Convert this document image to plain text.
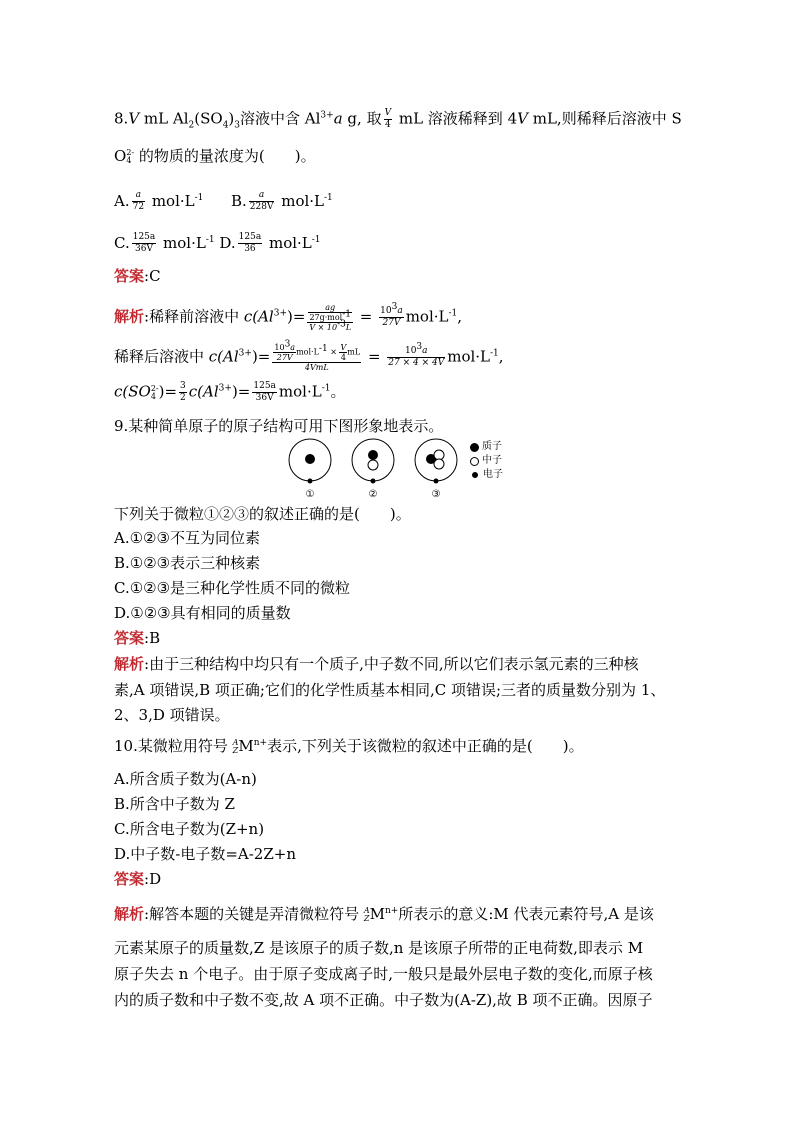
8.V mL $Al_2(SO_4)_3$溶液中含 $Al^{3+}a$ g, 取 $\frac{V}{4}$ mL 溶液稀释到 4V mL,则稀释后溶液中 S
O 2-
4 的物质的量浓度为(　　)。
A. $\frac{a}{72} mol\cdot L^{-1}$ B. $\frac{a}{228V} mol\cdot L^{-1}$
C. $\frac{125a}{36V} mol\cdot L^{-1}$ D. $\frac{125a}{36} mol\cdot L^{-1}$
答案:C
解析:稀释前溶液中 $c(Al^{3+})= \frac{\frac{ag}{27g\cdot mol^{-1}}}{V \times 10^{-3}L} = \frac{10^3a}{27V} mol\cdot L^{-1}$,
稀释后溶液中 $c(Al^{3+})= \frac{\frac{10^3a}{27V} mol\cdot L^{-1} \times \frac{V}{4} mL}{\text{4VmL}} = \frac{10^3a}{27 \times 4 \times 4V} mol\cdot L^{-1}$,
c(SO 2-
4 )= $\frac{3}{2} c(Al^{3+})= \frac{125a}{36V} mol\cdot L^{-1}$。
9.某种简单原子的原子结构可用下图形象地表示。
①	②	③
质子
中子
电子
下列关于微粒①②③的叙述正确的是(　　)。
A.①②③不互为同位素
B.①②③表示三种核素
C.①②③是三种化学性质不同的微粒
D.①②③具有相同的质量数
答案:B
解析:由于三种结构中均只有一个质子,中子数不同,所以它们表示氢元素的三种核
素,A 项错误,B 项正确;它们的化学性质基本相同,C 项错误;三者的质量数分别为 1、
2、3,D 项错误。
10.某微粒用符号 A
Z $M^{n+}$表示,下列关于该微粒的叙述中正确的是(　　)。
A.所含质子数为(A-n)
B.所含中子数为 Z
C.所含电子数为(Z+n)
D.中子数-电子数=A-2Z+n
答案:D
解析:解答本题的关键是弄清微粒符号 A
Z $M^{n+}$所表示的意义:M 代表元素符号,A 是该
元素某原子的质量数,Z 是该原子的质子数,n 是该原子所带的正电荷数,即表示 M
原子失去 n 个电子。由于原子变成离子时,一般只是最外层电子数的变化,而原子核
内的质子数和中子数不变,故 A 项不正确。中子数为(A-Z),故 B 项不正确。因原子
